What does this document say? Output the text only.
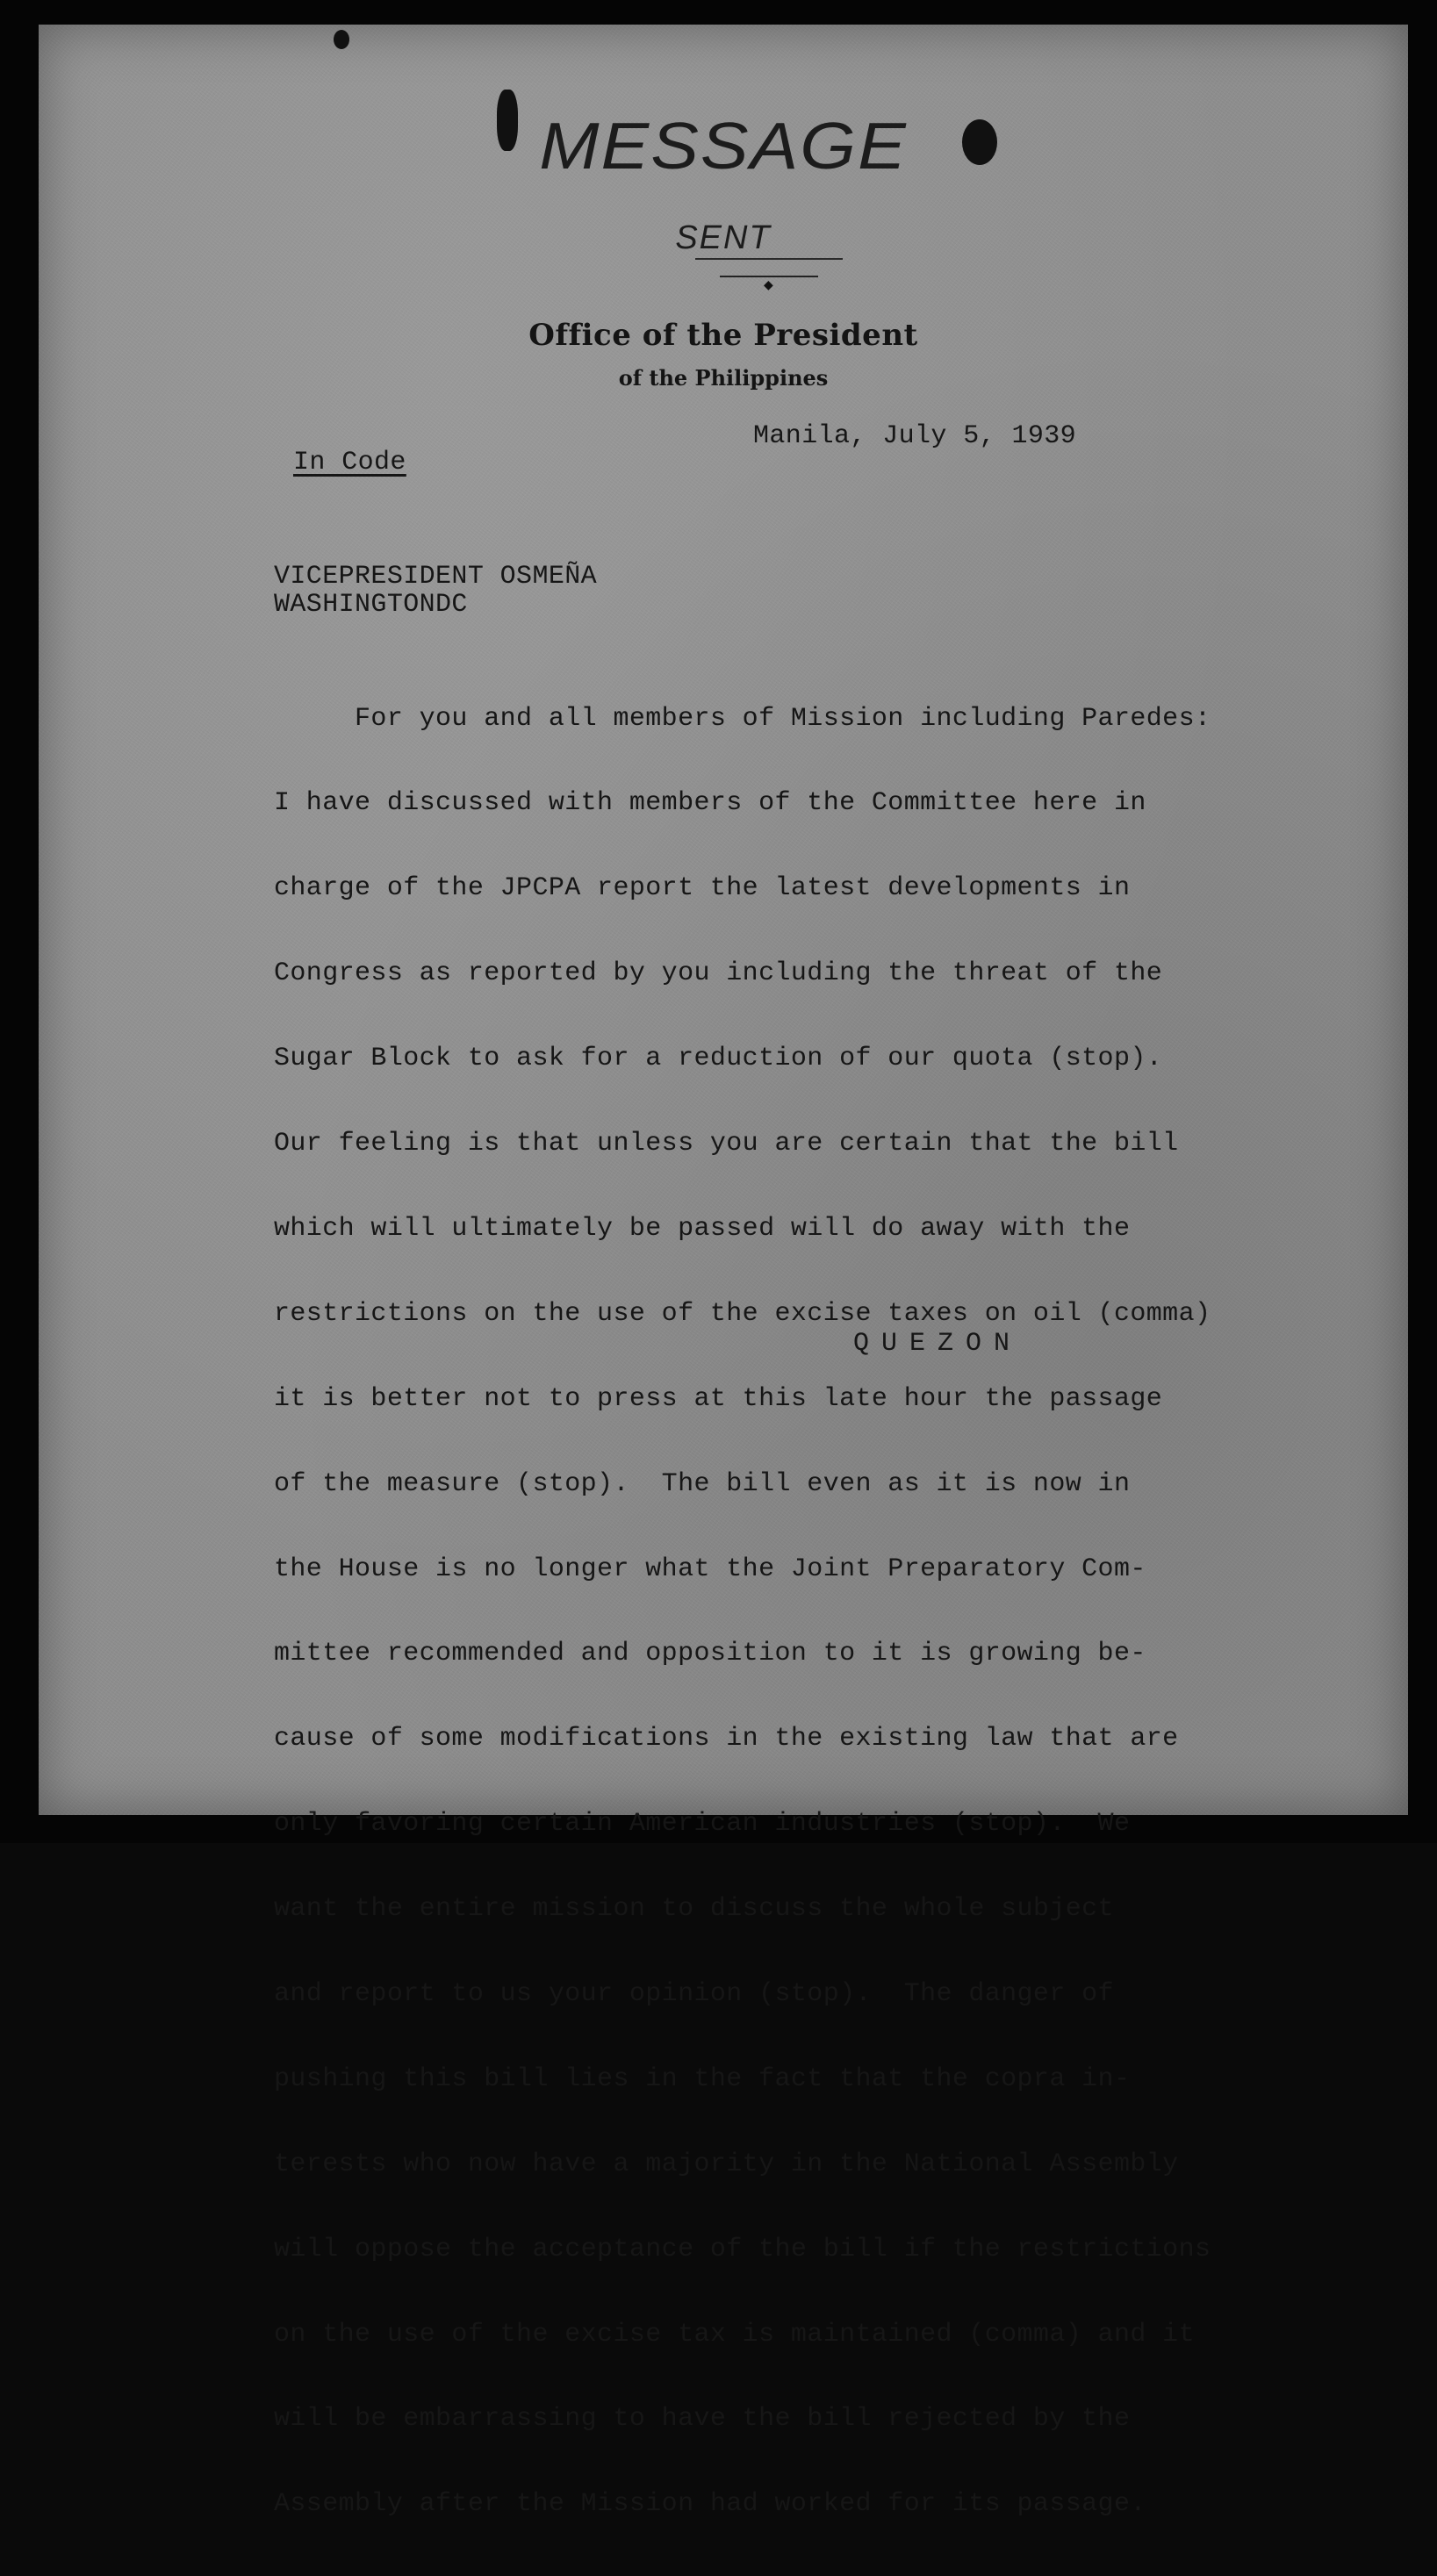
MESSAGE
SENT
◆
Office of the President
of the Philippines
Manila, July 5, 1939
In Code
VICEPRESIDENT OSMEÑA
WASHINGTONDC

For you and all members of Mission including Paredes:

I have discussed with members of the Committee here in

charge of the JPCPA report the latest developments in

Congress as reported by you including the threat of the

Sugar Block to ask for a reduction of our quota (stop).

Our feeling is that unless you are certain that the bill

which will ultimately be passed will do away with the

restrictions on the use of the excise taxes on oil (comma)

it is better not to press at this late hour the passage

of the measure (stop).  The bill even as it is now in

the House is no longer what the Joint Preparatory Com-

mittee recommended and opposition to it is growing be-

cause of some modifications in the existing law that are

only favoring certain American industries (stop).  We

want the entire mission to discuss the whole subject

and report to us your opinion (stop).  The danger of

pushing this bill lies in the fact that the copra in-

terests who now have a majority in the National Assembly

will oppose the acceptance of the bill if the restrictions

on the use of the excise tax is maintained (comma) and it

will be embarrassing to have the bill rejected by the

Assembly after the Mission had worked for its passage.

QUEZON
